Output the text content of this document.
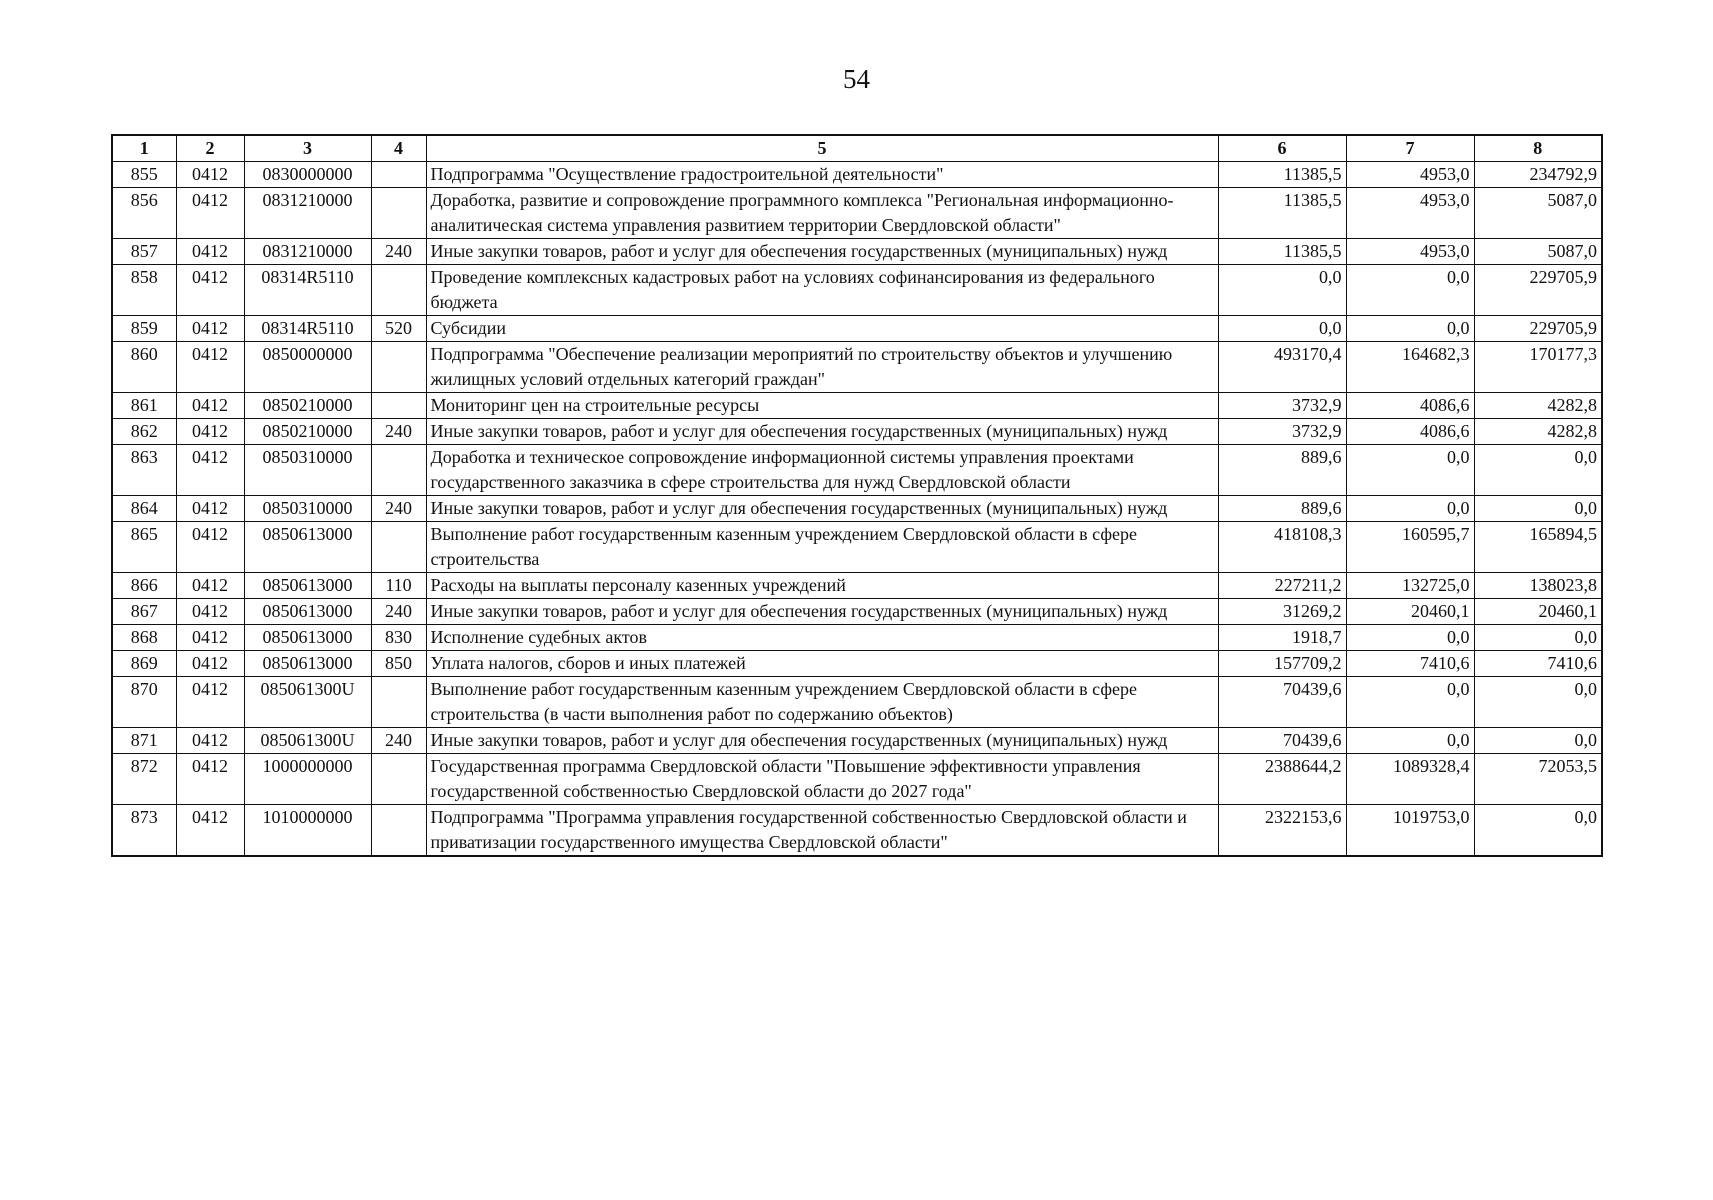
54
1	2	3	4	5	6	7	8
855	0412	0830000000		Подпрограмма "Осуществление градостроительной деятельности"	11385,5	4953,0	234792,9
856	0412	0831210000		Доработка, развитие и сопровождение программного комплекса "Региональная информационно-аналитическая система управления развитием территории Свердловской области"	11385,5	4953,0	5087,0
857	0412	0831210000	240	Иные закупки товаров, работ и услуг для обеспечения государственных (муниципальных) нужд	11385,5	4953,0	5087,0
858	0412	08314R5110		Проведение комплексных кадастровых работ на условиях софинансирования из федерального бюджета	0,0	0,0	229705,9
859	0412	08314R5110	520	Субсидии	0,0	0,0	229705,9
860	0412	0850000000		Подпрограмма "Обеспечение реализации мероприятий по строительству объектов и улучшению жилищных условий отдельных категорий граждан"	493170,4	164682,3	170177,3
861	0412	0850210000		Мониторинг цен на строительные ресурсы	3732,9	4086,6	4282,8
862	0412	0850210000	240	Иные закупки товаров, работ и услуг для обеспечения государственных (муниципальных) нужд	3732,9	4086,6	4282,8
863	0412	0850310000		Доработка и техническое сопровождение информационной системы управления проектами государственного заказчика в сфере строительства для нужд Свердловской области	889,6	0,0	0,0
864	0412	0850310000	240	Иные закупки товаров, работ и услуг для обеспечения государственных (муниципальных) нужд	889,6	0,0	0,0
865	0412	0850613000		Выполнение работ государственным казенным учреждением Свердловской области в сфере строительства	418108,3	160595,7	165894,5
866	0412	0850613000	110	Расходы на выплаты персоналу казенных учреждений	227211,2	132725,0	138023,8
867	0412	0850613000	240	Иные закупки товаров, работ и услуг для обеспечения государственных (муниципальных) нужд	31269,2	20460,1	20460,1
868	0412	0850613000	830	Исполнение судебных актов	1918,7	0,0	0,0
869	0412	0850613000	850	Уплата налогов, сборов и иных платежей	157709,2	7410,6	7410,6
870	0412	085061300U		Выполнение работ государственным казенным учреждением Свердловской области в сфере строительства (в части выполнения работ по содержанию объектов)	70439,6	0,0	0,0
871	0412	085061300U	240	Иные закупки товаров, работ и услуг для обеспечения государственных (муниципальных) нужд	70439,6	0,0	0,0
872	0412	1000000000		Государственная программа Свердловской области "Повышение эффективности управления государственной собственностью Свердловской области до 2027 года"	2388644,2	1089328,4	72053,5
873	0412	1010000000		Подпрограмма "Программа управления государственной собственностью Свердловской области и приватизации государственного имущества Свердловской области"	2322153,6	1019753,0	0,0
